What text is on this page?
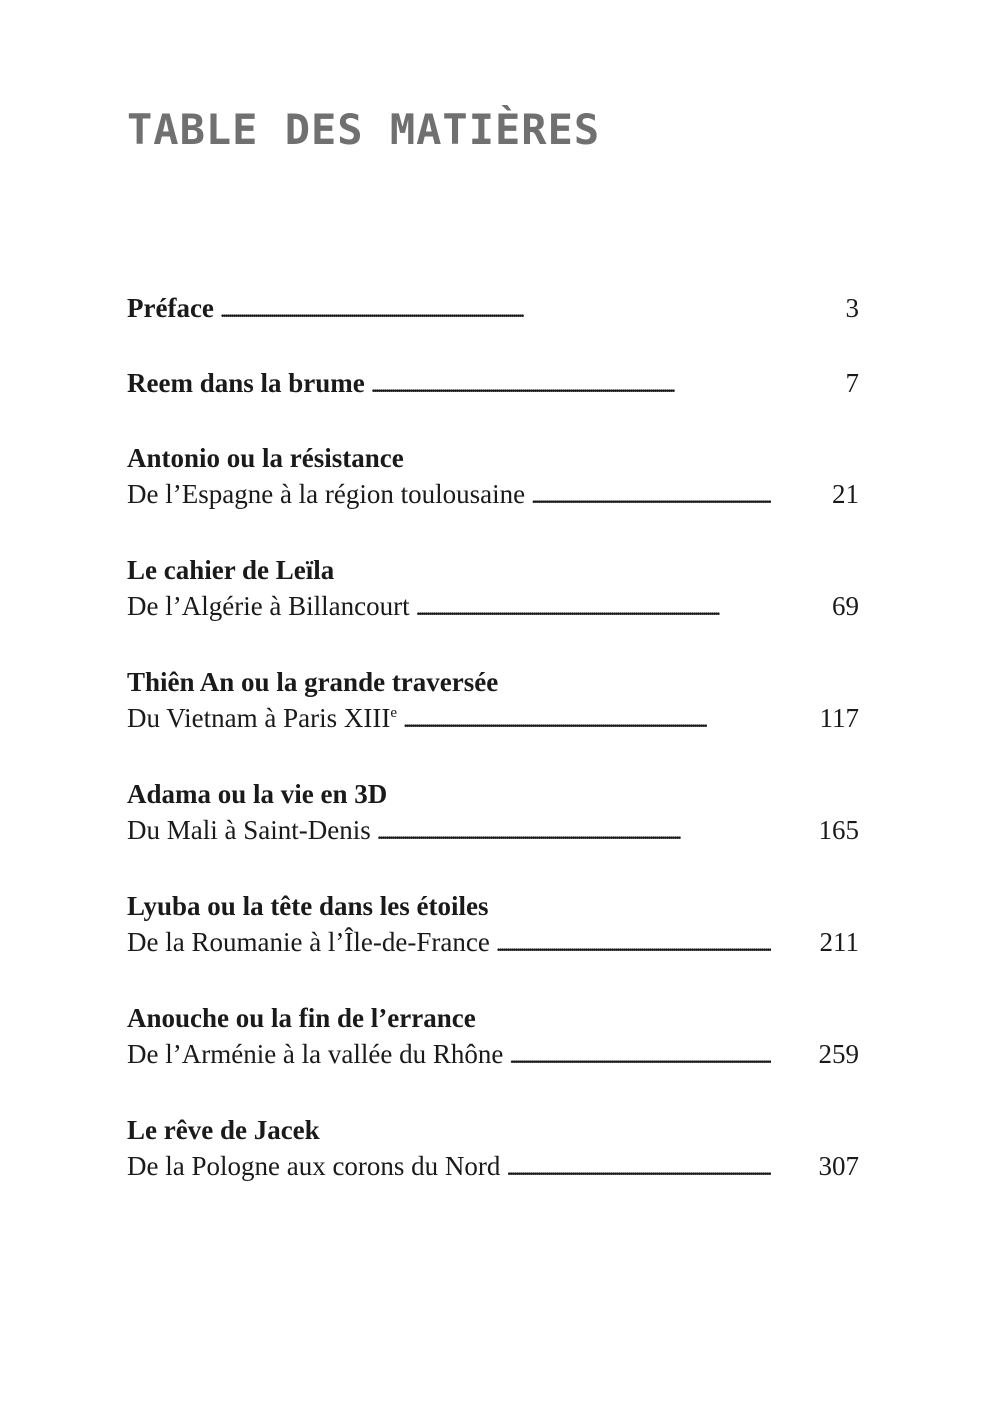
TABLE DES MATIÈRES
Préface . . .	3
Reem dans la brume . . .	7
Antonio ou la résistance
De l’Espagne à la région toulousaine . . .	21
Le cahier de Leïla
De l’Algérie à Billancourt . . .	69
Thiên An ou la grande traversée
Du Vietnam à Paris XIIIe . . .	117
Adama ou la vie en 3D
Du Mali à Saint-Denis . . .	165
Lyuba ou la tête dans les étoiles
De la Roumanie à l’Île-de-France . . .	211
Anouche ou la fin de l’errance
De l’Arménie à la vallée du Rhône . . .	259
Le rêve de Jacek
De la Pologne aux corons du Nord . . .	307
